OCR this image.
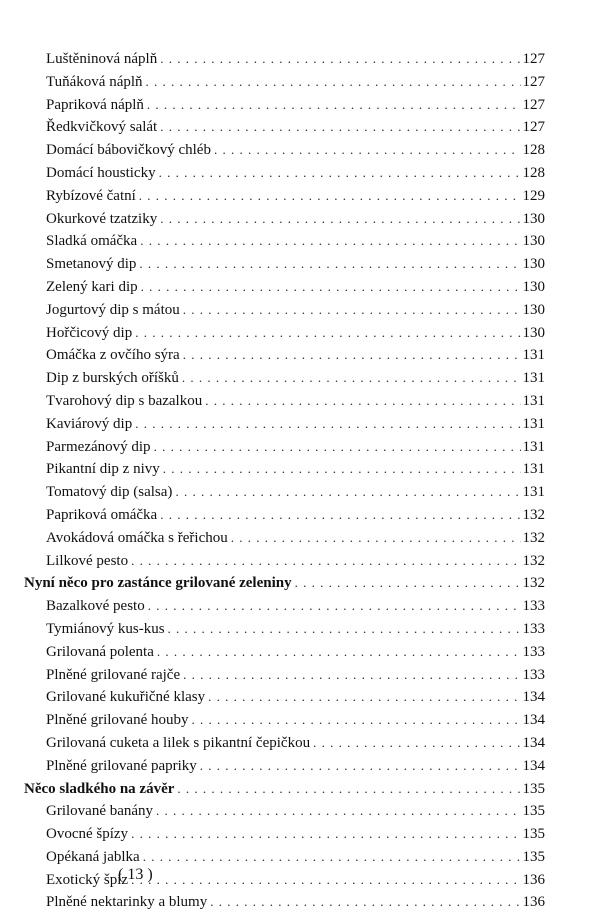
Luštěninová náplň . . .	127
Tuňáková náplň . . .	127
Papriková náplň . . .	127
Ředkvičkový salát . . .	127
Domácí bábovičkový chléb . . .	128
Domácí housticky . . .	128
Rybízové čatní . . .	129
Okurkové tzatziky . . .	130
Sladká omáčka . . .	130
Smetanový dip . . .	130
Zelený kari dip . . .	130
Jogurtový dip s mátou . . .	130
Hořčicový dip . . .	130
Omáčka z ovčího sýra . . .	131
Dip z burských oříšků . . .	131
Tvarohový dip s bazalkou . . .	131
Kaviárový dip . . .	131
Parmezánový dip . . .	131
Pikantní dip z nivy . . .	131
Tomatový dip (salsa) . . .	131
Papriková omáčka . . .	132
Avokádová omáčka s řeřichou . . .	132
Lilkové pesto . . .	132
Nyní něco pro zastánce grilované zeleniny . . .	132
Bazalkové pesto . . .	133
Tymiánový kus-kus . . .	133
Grilovaná polenta . . .	133
Plněné grilované rajče . . .	133
Grilované kukuřičné klasy . . .	134
Plněné grilované houby . . .	134
Grilovaná cuketa a lilek s pikantní čepičkou . . .	134
Plněné grilované papriky . . .	134
Něco sladkého na závěr . . .	135
Grilované banány . . .	135
Ovocné špízy . . .	135
Opékaná jablka . . .	135
Exotický špíz . . .	136
Plněné nektarinky a blumy . . .	136
( 13 )
